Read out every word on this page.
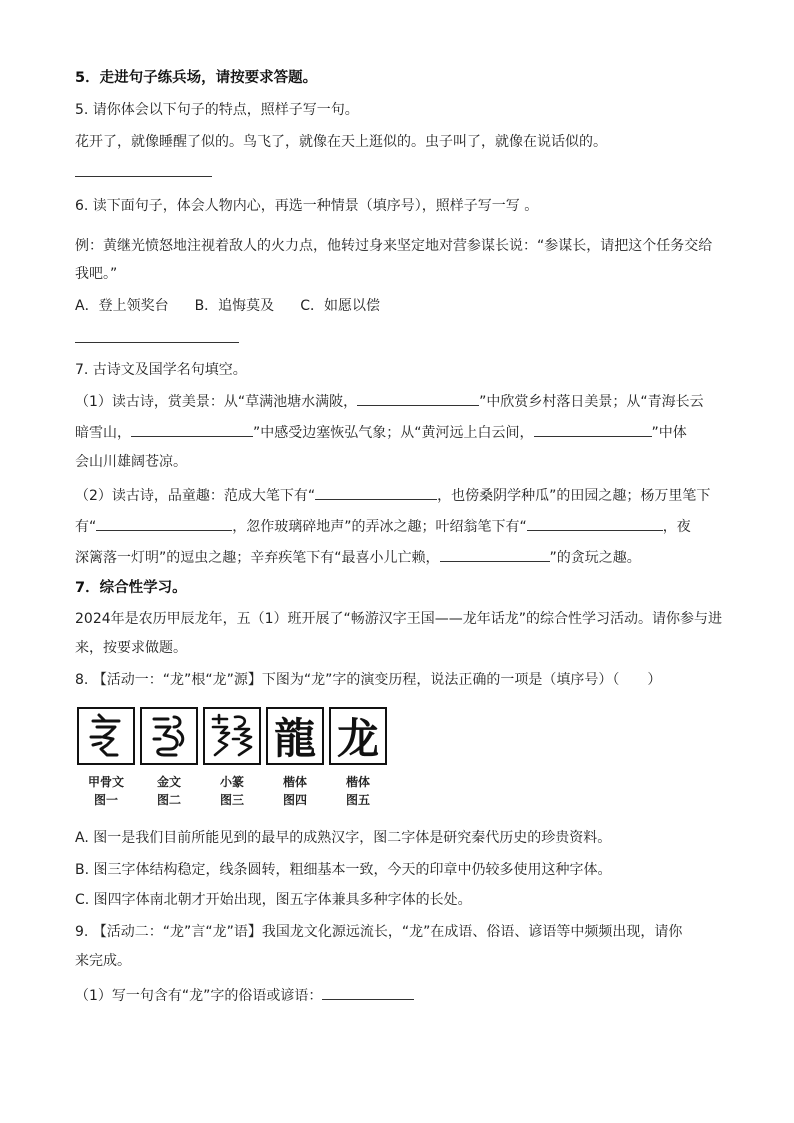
5．走进句子练兵场，请按要求答题。
5. 请你体会以下句子的特点，照样子写一句。
花开了，就像睡醒了似的。鸟飞了，就像在天上逛似的。虫子叫了，就像在说话似的。
6. 读下面句子，体会人物内心，再选一种情景（填序号），照样子写一写 。
例：黄继光愤怒地注视着敌人的火力点，他转过身来坚定地对营参谋长说：“参谋长，请把这个任务交给
我吧。”
A．登上领奖台 B．追悔莫及 C．如愿以偿
7. 古诗文及国学名句填空。
（1）读古诗，赏美景：从“草满池塘水满陂，	”中欣赏乡村落日美景；从“青海长云
暗雪山，	”中感受边塞恢弘气象；从“黄河远上白云间，	”中体
会山川雄阔苍凉。
（2）读古诗，品童趣：范成大笔下有“	，也傍桑阴学种瓜”的田园之趣；杨万里笔下
有“	，忽作玻璃碎地声”的弄冰之趣；叶绍翁笔下有“	，夜
深篱落一灯明”的逗虫之趣；辛弃疾笔下有“最喜小儿亡赖，	”的贪玩之趣。
7．综合性学习。
2024年是农历甲辰龙年，五（1）班开展了“畅游汉字王国——龙年话龙”的综合性学习活动。请你参与进
来，按要求做题。
8. 【活动一：“龙”根“龙”源】下图为“龙”字的演变历程，说法正确的一项是（填序号）（　　）
龍 龙
甲骨文
图一
金文
图二
小篆
图三
楷体
图四
楷体
图五
A. 图一是我们目前所能见到的最早的成熟汉字，图二字体是研究秦代历史的珍贵资料。
B. 图三字体结构稳定，线条圆转，粗细基本一致，今天的印章中仍较多使用这种字体。
C. 图四字体南北朝才开始出现，图五字体兼具多种字体的长处。
9. 【活动二：“龙”言“龙”语】我国龙文化源远流长，“龙”在成语、俗语、谚语等中频频出现，请你
来完成。
（1）写一句含有“龙”字的俗语或谚语：
